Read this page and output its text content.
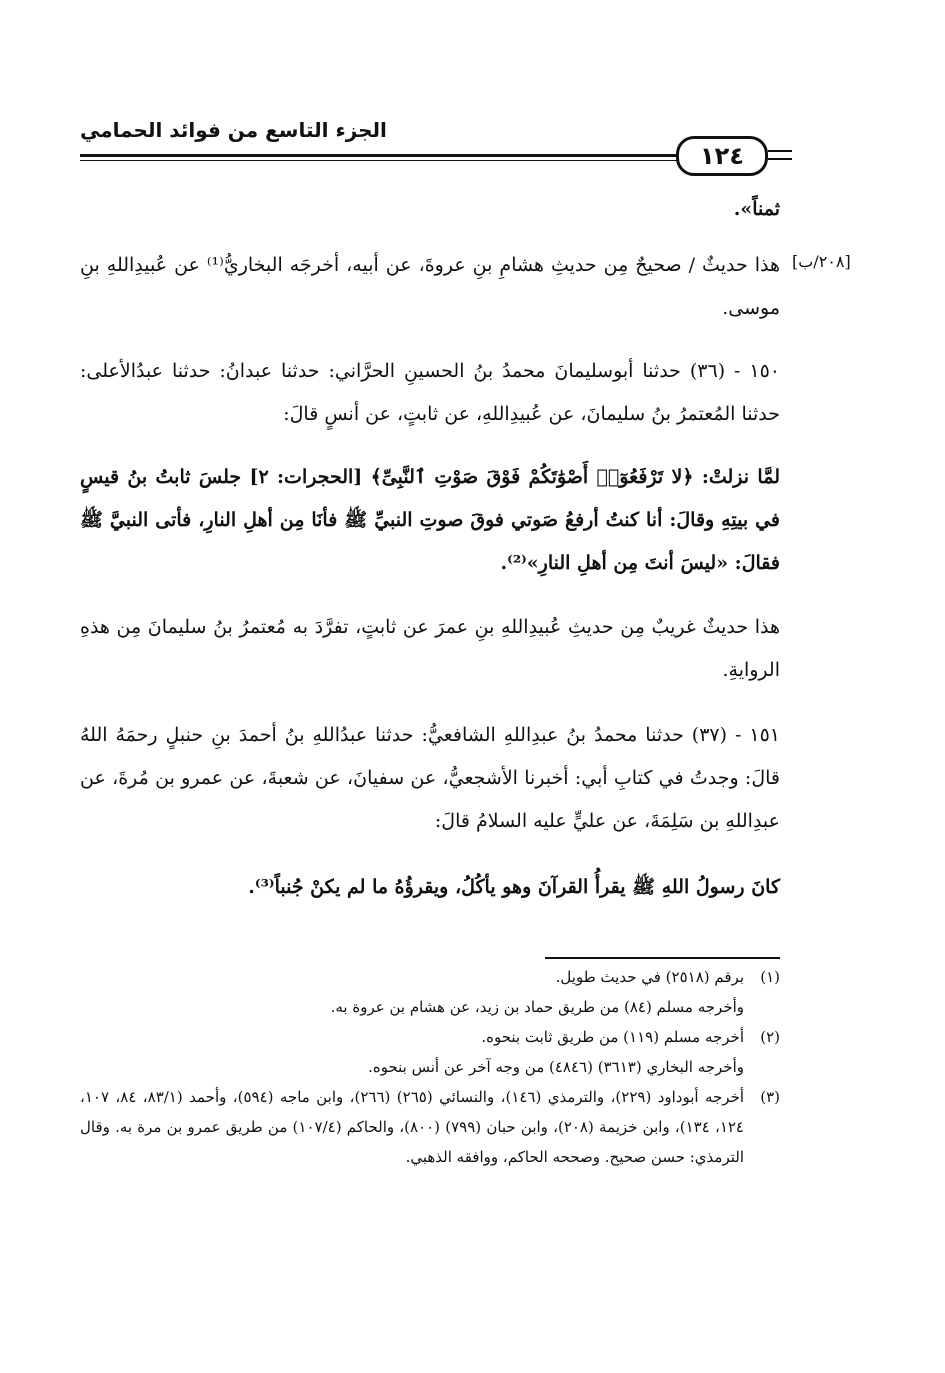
الجزء التاسع من فوائد الحمامي
١٢٤
[٢٠٨/ب]
ثمناً».
هذا حديثٌ / صحيحٌ مِن حديثِ هشامِ بنِ عروةَ، عن أبيه، أخرجَه البخاريُّ⁽¹⁾ عن عُبيدِاللهِ بنِ موسى.
١٥٠ - (٣٦) حدثنا أبوسليمانَ محمدُ بنُ الحسينِ الحرَّاني: حدثنا عبدانُ: حدثنا عبدُالأعلى: حدثنا المُعتمرُ بنُ سليمانَ، عن عُبيدِاللهِ، عن ثابتٍ، عن أنسٍ قالَ:
لمَّا نزلتْ: ﴿لا تَرْفَعُوٓا۟ أَصْوَٰتَكُمْ فَوْقَ صَوْتِ ٱلنَّبِىِّ﴾ [الحجرات: ٢] جلسَ ثابتُ بنُ قيسٍ في بيتِهِ وقالَ: أنا كنتُ أرفعُ صَوتي فوقَ صوتِ النبيِّ ﷺ فأنَا مِن أهلِ النارِ، فأتى النبيَّ ﷺ فقالَ: «ليسَ أنتَ مِن أهلِ النارِ»⁽²⁾.
هذا حديثٌ غريبٌ مِن حديثِ عُبيدِاللهِ بنِ عمرَ عن ثابتٍ، تفرَّدَ به مُعتمرُ بنُ سليمانَ مِن هذهِ الروايةِ.
١٥١ - (٣٧) حدثنا محمدُ بنُ عبدِاللهِ الشافعيُّ: حدثنا عبدُاللهِ بنُ أحمدَ بنِ حنبلٍ رحمَهُ اللهُ قالَ: وجدتُ في كتابِ أبي: أخبرنا الأشجعيُّ، عن سفيانَ، عن شعبةَ، عن عمرو بن مُرةَ، عن عبدِاللهِ بن سَلِمَةَ، عن عليٍّ عليه السلامُ قالَ:
كانَ رسولُ اللهِ ﷺ يقرأُ القرآنَ وهو يأكُلُ، ويقرؤُهُ ما لم يكنْ جُنباً⁽³⁾.
(١)
برقم (٢٥١٨) في حديث طويل.
وأخرجه مسلم (٨٤) من طريق حماد بن زيد، عن هشام بن عروة به.
(٢)
أخرجه مسلم (١١٩) من طريق ثابت بنحوه.
وأخرجه البخاري (٣٦١٣) (٤٨٤٦) من وجه آخر عن أنس بنحوه.
(٣)
أخرجه أبوداود (٢٢٩)، والترمذي (١٤٦)، والنسائي (٢٦٥) (٢٦٦)، وابن ماجه (٥٩٤)، وأحمد (٨٣/١، ٨٤، ١٠٧، ١٢٤، ١٣٤)، وابن خزيمة (٢٠٨)، وابن حبان (٧٩٩) (٨٠٠)، والحاكم (١٠٧/٤) من طريق عمرو بن مرة به. وقال الترمذي: حسن صحيح. وصححه الحاكم، ووافقه الذهبي.
